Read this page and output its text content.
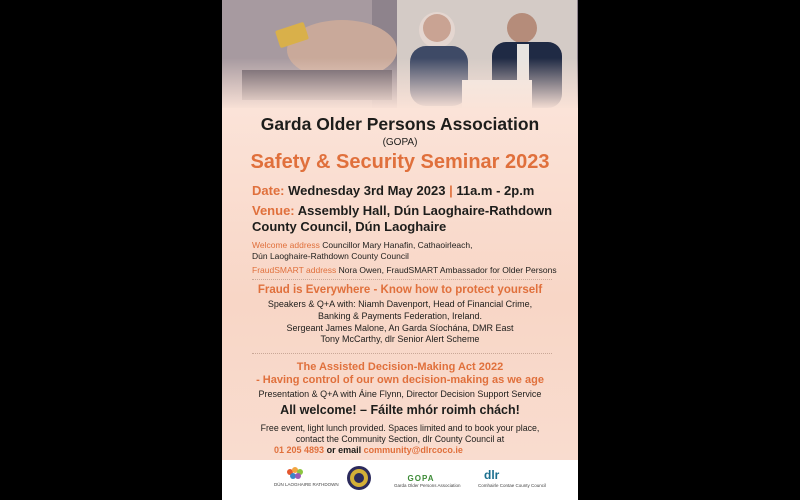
Garda Older Persons Association
(GOPA)
Safety & Security Seminar 2023
Date: Wednesday 3rd May 2023 | 11a.m - 2p.m
Venue: Assembly Hall, Dún Laoghaire-Rathdown
County Council, Dún Laoghaire
Welcome address Councillor Mary Hanafin, Cathaoirleach,
Dún Laoghaire-Rathdown County Council
FraudSMART address Nora Owen, FraudSMART Ambassador for Older Persons
Fraud is Everywhere - Know how to protect yourself
Speakers & Q+A with: Niamh Davenport, Head of Financial Crime,
Banking & Payments Federation, Ireland.
Sergeant James Malone, An Garda Síochána, DMR East
Tony McCarthy, dlr Senior Alert Scheme
The Assisted Decision-Making Act 2022
- Having control of our own decision-making as we age
Presentation & Q+A with Áine Flynn, Director Decision Support Service
All welcome! – Fáilte mhór roimh chách!
Free event, light lunch provided. Spaces limited and to book your place,
contact the Community Section, dlr County Council at
01 205 4893 or email community@dlrcoco.ie
DÚN LAOGHAIRE RATHDOWN
GOPA
Garda Older Persons Association
dlr
Comhairle Contae County Council
